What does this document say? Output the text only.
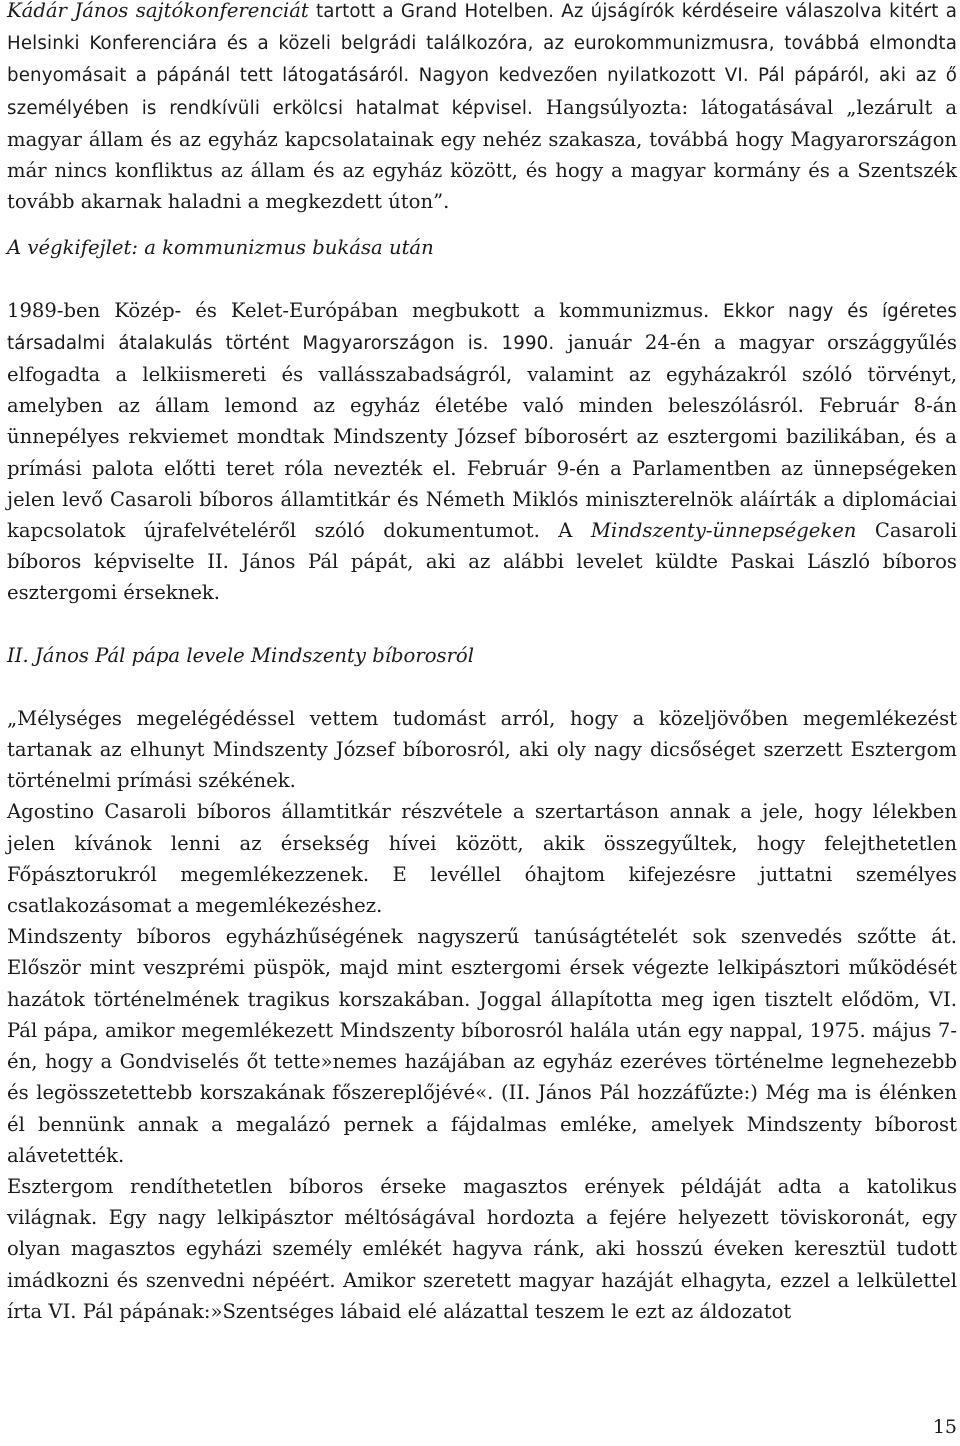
Kádár János sajtókonferenciát tartott a Grand Hotelben. Az újságírók kérdéseire válaszolva kitért a Helsinki Konferenciára és a közeli belgrádi találkozóra, az eurokommunizmusra, továbbá elmondta benyomásait a pápánál tett látogatásáról. Nagyon kedvezően nyilatkozott VI. Pál pápáról, aki az ő személyében is rendkívüli erkölcsi hatalmat képvisel. Hangsúlyozta: látogatásával „lezárult a magyar állam és az egyház kapcsolatainak egy nehéz szakasza, továbbá hogy Magyarországon már nincs konfliktus az állam és az egyház között, és hogy a magyar kormány és a Szentszék tovább akarnak haladni a megkezdett úton”.

A végkifejlet: a kommunizmus bukása után

1989-ben Közép- és Kelet-Európában megbukott a kommunizmus. Ekkor nagy és ígéretes társadalmi átalakulás történt Magyarországon is. 1990. január 24-én a magyar országgyűlés elfogadta a lelkiismereti és vallásszabadságról, valamint az egyházakról szóló törvényt, amelyben az állam lemond az egyház életébe való minden beleszólásról. Február 8-án ünnepélyes rekviemet mondtak Mindszenty József bíborosért az esztergomi bazilikában, és a prímási palota előtti teret róla nevezték el. Február 9-én a Parlamentben az ünnepségeken jelen levő Casaroli bíboros államtitkár és Németh Miklós miniszterelnök aláírták a diplomáciai kapcsolatok újrafelvételéről szóló dokumentumot. A Mindszenty-ünnepségeken Casaroli bíboros képviselte II. János Pál pápát, aki az alábbi levelet küldte Paskai László bíboros esztergomi érseknek.

II. János Pál pápa levele Mindszenty bíborosról

„Mélységes megelégédéssel vettem tudomást arról, hogy a közeljövőben megemlékezést tartanak az elhunyt Mindszenty József bíborosról, aki oly nagy dicsőséget szerzett Esztergom történelmi prímási székének.

Agostino Casaroli bíboros államtitkár részvétele a szertartáson annak a jele, hogy lélekben jelen kívánok lenni az érsekség hívei között, akik összegyűltek, hogy felejthetetlen Főpásztorukról megemlékezzenek. E levéllel óhajtom kifejezésre juttatni személyes csatlakozásomat a megemlékezéshez.

Mindszenty bíboros egyházhűségének nagyszerű tanúságtételét sok szenvedés szőtte át. Először mint veszprémi püspök, majd mint esztergomi érsek végezte lelkipásztori működését hazátok történelmének tragikus korszakában. Joggal állapította meg igen tisztelt elődöm, VI. Pál pápa, amikor megemlékezett Mindszenty bíborosról halála után egy nappal, 1975. május 7-én, hogy a Gondviselés őt tette»nemes hazájában az egyház ezeréves történelme legnehezebb és legösszetettebb korszakának főszereplőjévé«. (II. János Pál hozzáfűzte:) Még ma is élénken él bennünk annak a megalázó pernek a fájdalmas emléke, amelyek Mindszenty bíborost alávetették.

Esztergom rendíthetetlen bíboros érseke magasztos erények példáját adta a katolikus világnak. Egy nagy lelkipásztor méltóságával hordozta a fejére helyezett töviskoronát, egy olyan magasztos egyházi személy emlékét hagyva ránk, aki hosszú éveken keresztül tudott imádkozni és szenvedni népéért. Amikor szeretett magyar hazáját elhagyta, ezzel a lelkülettel írta VI. Pál pápának:»Szentséges lábaid elé alázattal teszem le ezt az áldozatot

15
